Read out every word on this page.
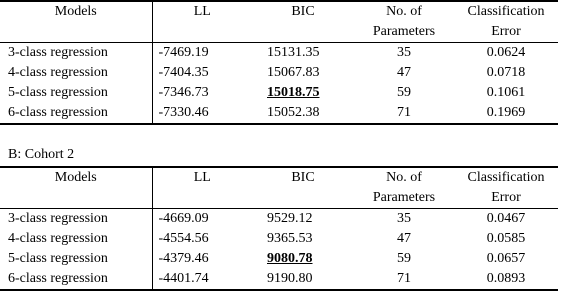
Models	LL	BIC	No. of	Classification
			Parameters	Error
3-class regression	-7469.19	15131.35	35	0.0624
4-class regression	-7404.35	15067.83	47	0.0718
5-class regression	-7346.73	15018.75	59	0.1061
6-class regression	-7330.46	15052.38	71	0.1969
B: Cohort 2
Models	LL	BIC	No. of	Classification
			Parameters	Error
3-class regression	-4669.09	9529.12	35	0.0467
4-class regression	-4554.56	9365.53	47	0.0585
5-class regression	-4379.46	9080.78	59	0.0657
6-class regression	-4401.74	9190.80	71	0.0893
